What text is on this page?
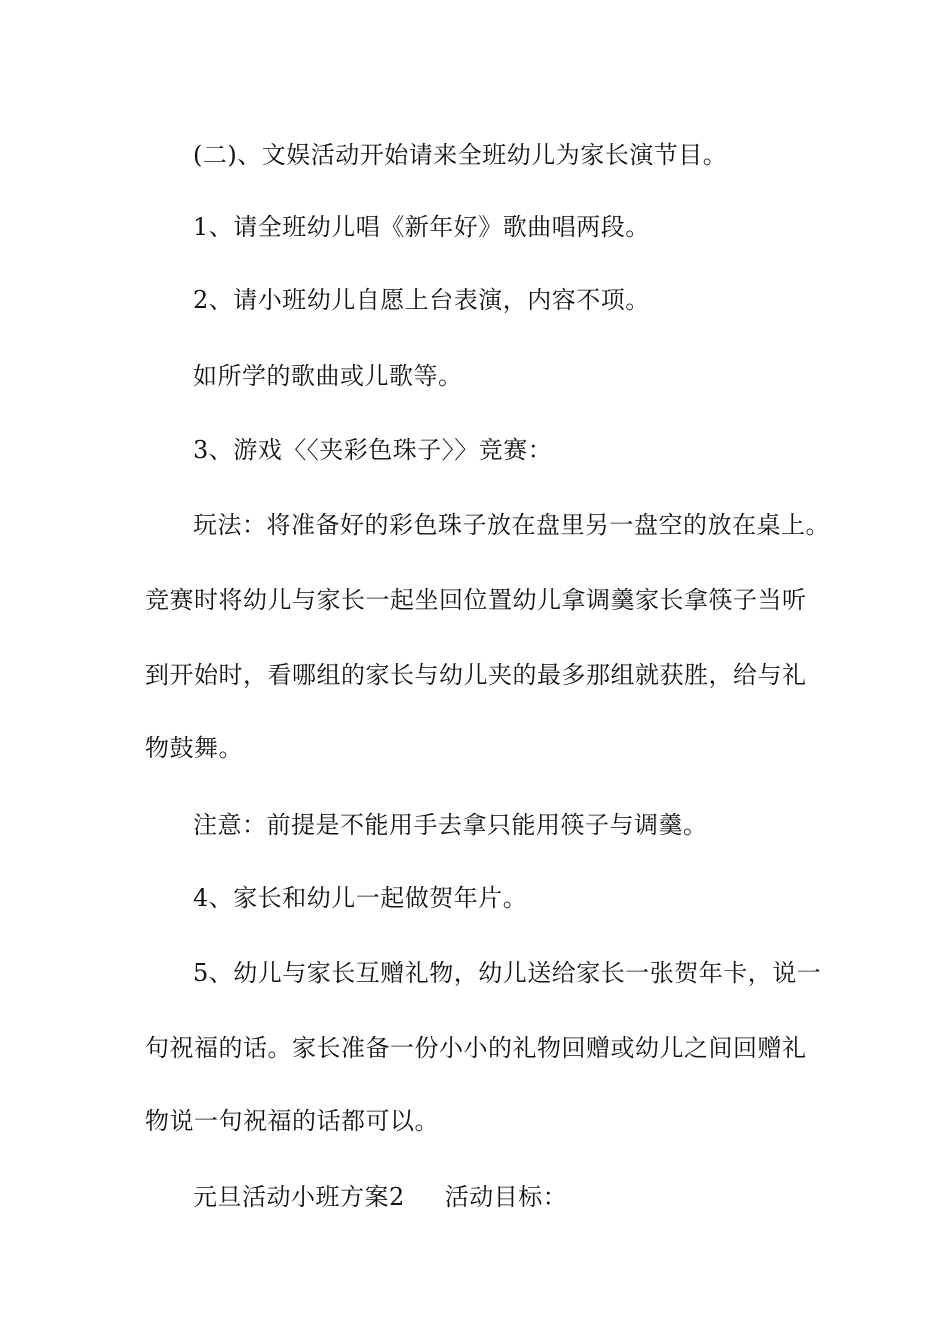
(二)、文娱活动开始请来全班幼儿为家长演节目。
1、请全班幼儿唱《新年好》歌曲唱两段。
2、请小班幼儿自愿上台表演，内容不项。
如所学的歌曲或儿歌等。
3、游戏〈〈夹彩色珠子〉〉竞赛：
玩法：将准备好的彩色珠子放在盘里另一盘空的放在桌上。
竞赛时将幼儿与家长一起坐回位置幼儿拿调羹家长拿筷子当听
到开始时，看哪组的家长与幼儿夹的最多那组就获胜，给与礼
物鼓舞。
注意：前提是不能用手去拿只能用筷子与调羹。
4、家长和幼儿一起做贺年片。
5、幼儿与家长互赠礼物，幼儿送给家长一张贺年卡，说一
句祝福的话。家长准备一份小小的礼物回赠或幼儿之间回赠礼
物说一句祝福的话都可以。
元旦活动小班方案2 活动目标：
